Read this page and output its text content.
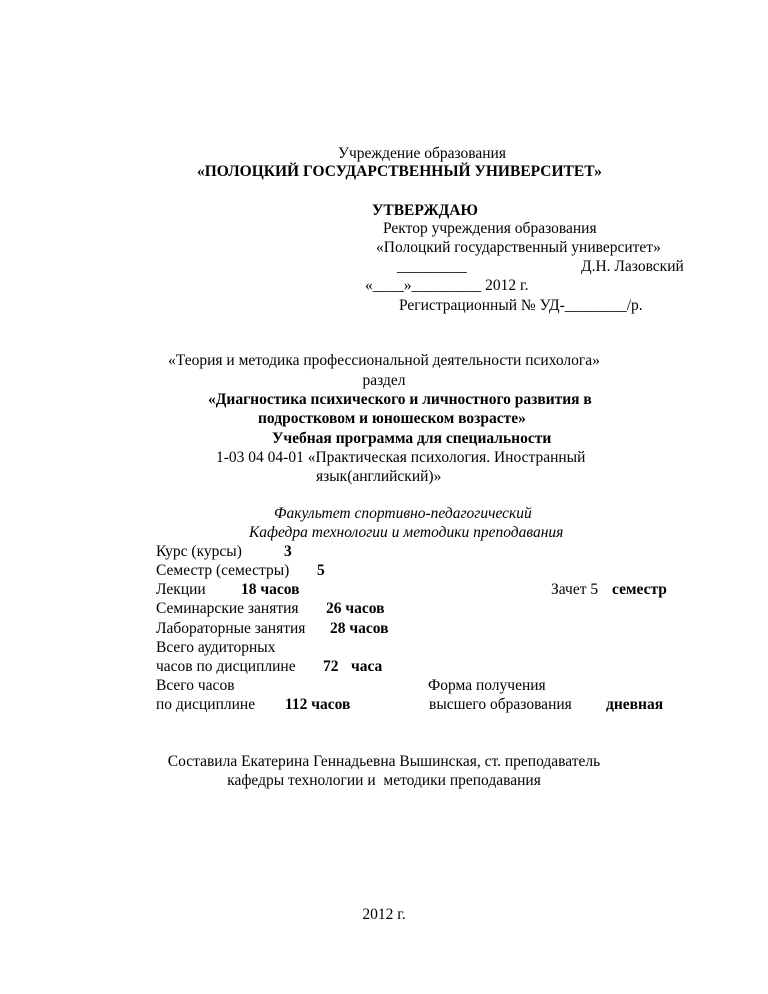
Учреждение образования
«ПОЛОЦКИЙ ГОСУДАРСТВЕННЫЙ УНИВЕРСИТЕТ»
УТВЕРЖДАЮ
Ректор учреждения образования
«Полоцкий государственный университет»
_________	Д.Н. Лазовский
«____»_________ 2012 г.
Регистрационный № УД-________/р.
«Теория и методика профессиональной деятельности психолога»
раздел
«Диагностика психического и личностного развития в
подростковом и юношеском возрасте»
Учебная программа для специальности
1-03 04 04-01 «Практическая психология. Иностранный
язык(английский)»
Факультет спортивно-педагогический
Кафедра технологии и методики преподавания
Курс (курсы)	3
Семестр (семестры) 5
Лекции 18 часов	Зачет 5 семестр
Семинарские занятия 26 часов
Лабораторные занятия 28 часов
Всего аудиторных
часов по дисциплине 72 часа
Всего часов	Форма получения
по дисциплине 112 часов	высшего образования дневная
Составила Екатерина Геннадьевна Вышинская, ст. преподаватель
кафедры технологии и  методики преподавания
2012 г.
